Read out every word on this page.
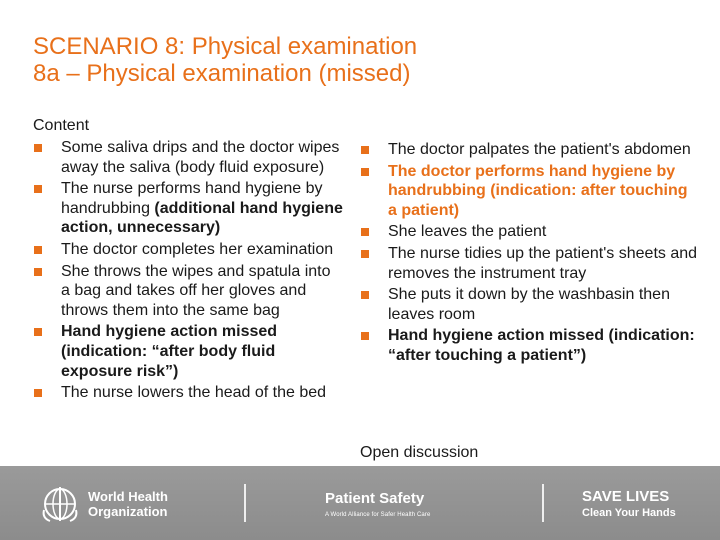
SCENARIO 8: Physical examination
8a – Physical examination (missed)
Content
Some saliva drips and the doctor wipes away the saliva (body fluid exposure)
The nurse performs hand hygiene by handrubbing (additional hand hygiene action, unnecessary)
The doctor completes her examination
She throws the wipes and spatula into a bag and takes off her gloves and throws them into the same bag
Hand hygiene action missed (indication: “after body fluid exposure risk”)
The nurse lowers the head of the bed
The doctor palpates the patient's abdomen
The doctor performs hand hygiene by handrubbing (indication: after touching a patient)
She leaves the patient
The nurse tidies up the patient's sheets and removes the instrument tray
She puts it down by the washbasin then leaves room
Hand hygiene action missed (indication: “after touching a patient”)
Open discussion
World Health
Organization
Patient Safety
A World Alliance for Safer Health Care
SAVE LIVES
Clean Your Hands
